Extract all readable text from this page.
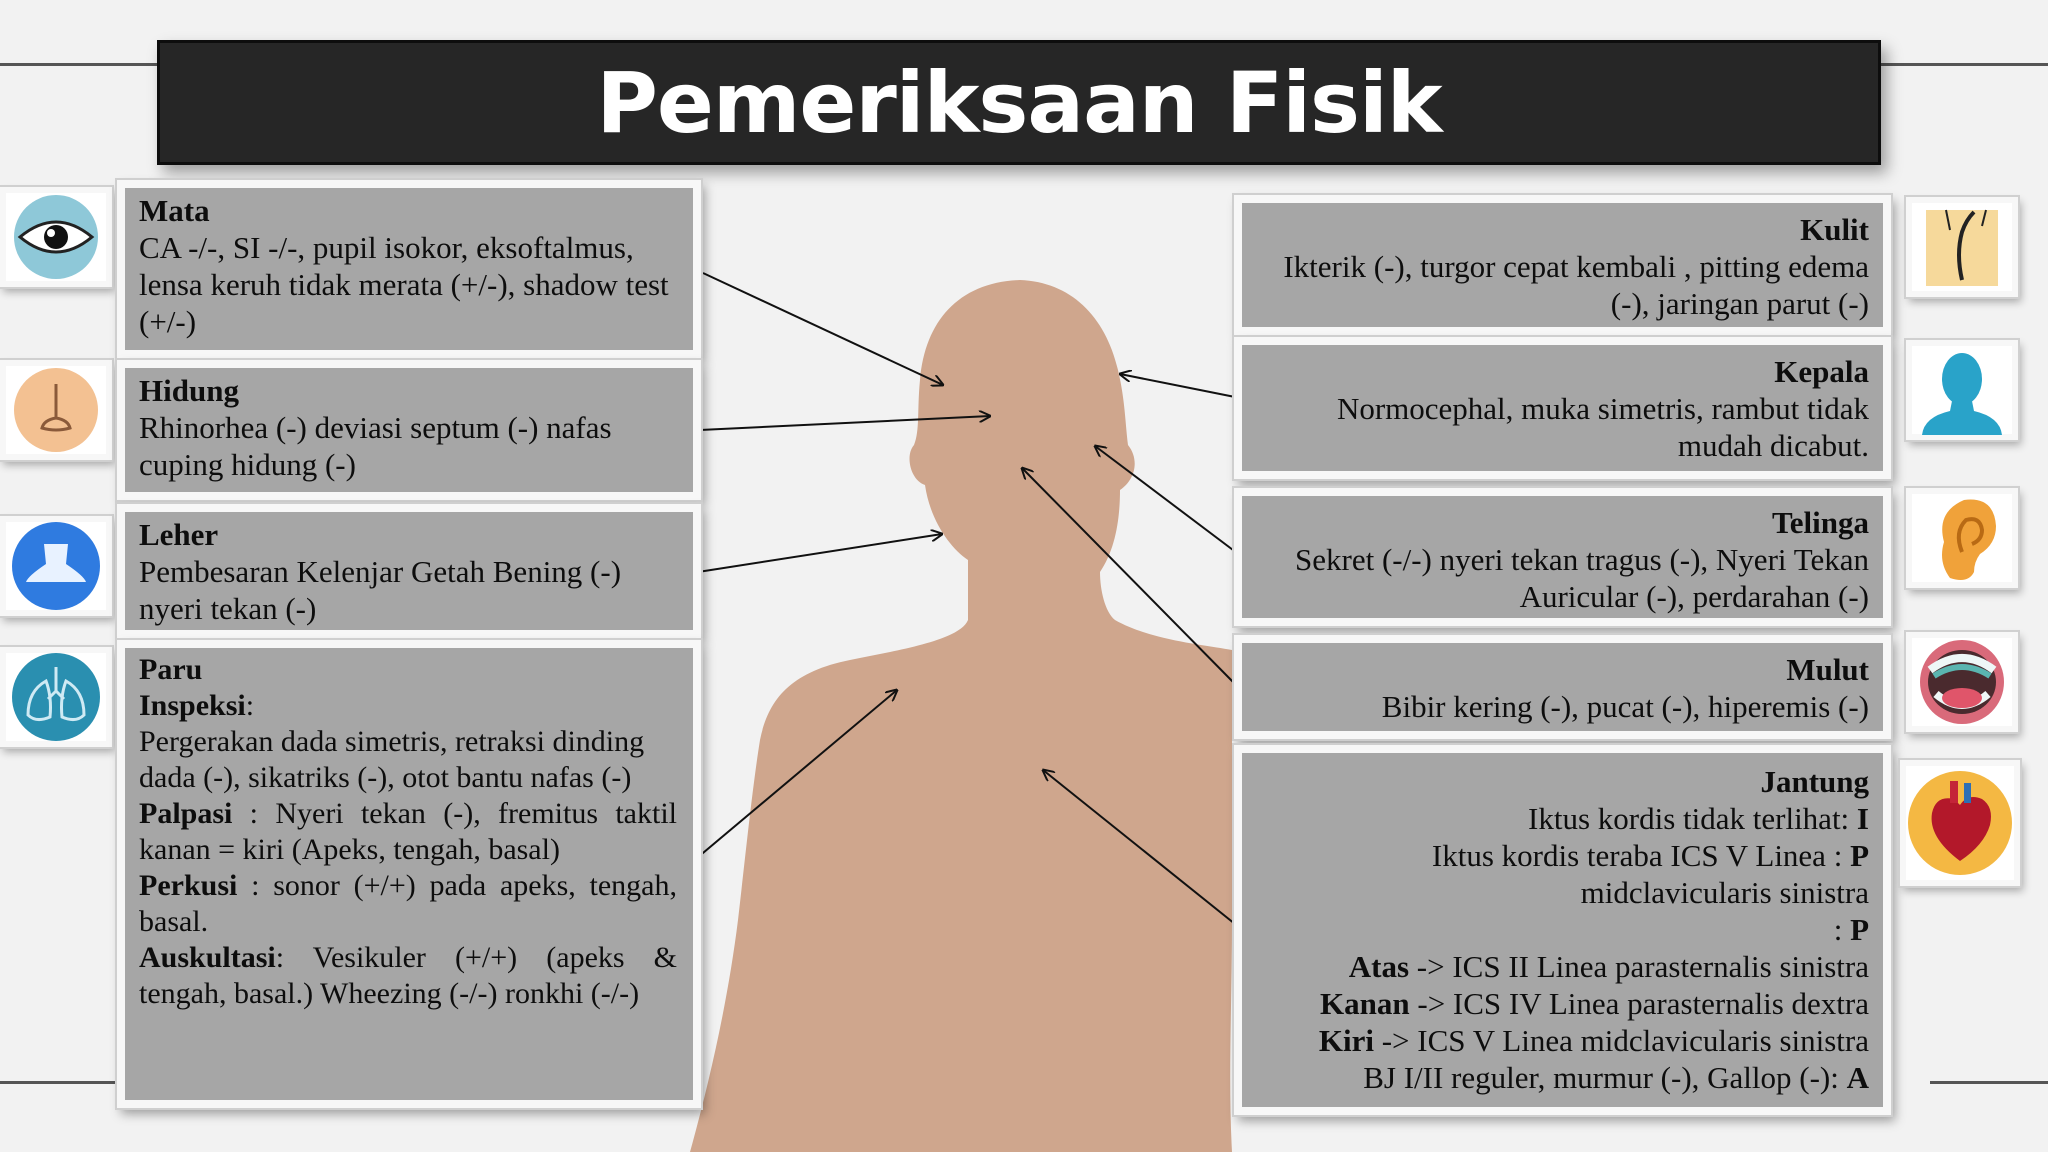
Pemeriksaan Fisik
Mata
CA -/-, SI -/-, pupil isokor, eksoftalmus, lensa keruh tidak merata (+/-), shadow test (+/-)
Hidung
Rhinorhea (-) deviasi septum (-) nafas cuping hidung (-)
Leher
Pembesaran Kelenjar Getah Bening (-) nyeri tekan (-)
Paru
Inspeksi:
Pergerakan dada simetris, retraksi dinding dada (-), sikatriks (-), otot bantu nafas (-)
Palpasi : Nyeri tekan (-), fremitus taktil kanan = kiri (Apeks, tengah, basal)
Perkusi : sonor (+/+) pada apeks, tengah, basal.
Auskultasi: Vesikuler (+/+) (apeks & tengah, basal.) Wheezing (-/-) ronkhi (-/-)
Kulit
Ikterik (-), turgor cepat kembali , pitting edema (-), jaringan parut (-)
Kepala
Normocephal, muka simetris, rambut tidak mudah dicabut.
Telinga
Sekret (-/-) nyeri tekan tragus (-), Nyeri Tekan Auricular (-), perdarahan (-)
Mulut
Bibir kering (-), pucat (-), hiperemis (-)
Jantung
Iktus kordis tidak terlihat: I
Iktus kordis teraba ICS V Linea : P
midclavicularis sinistra
: P
Atas -> ICS II Linea parasternalis sinistra
Kanan -> ICS IV Linea parasternalis dextra
Kiri -> ICS V Linea midclavicularis sinistra
BJ I/II reguler, murmur (-), Gallop (-): A
